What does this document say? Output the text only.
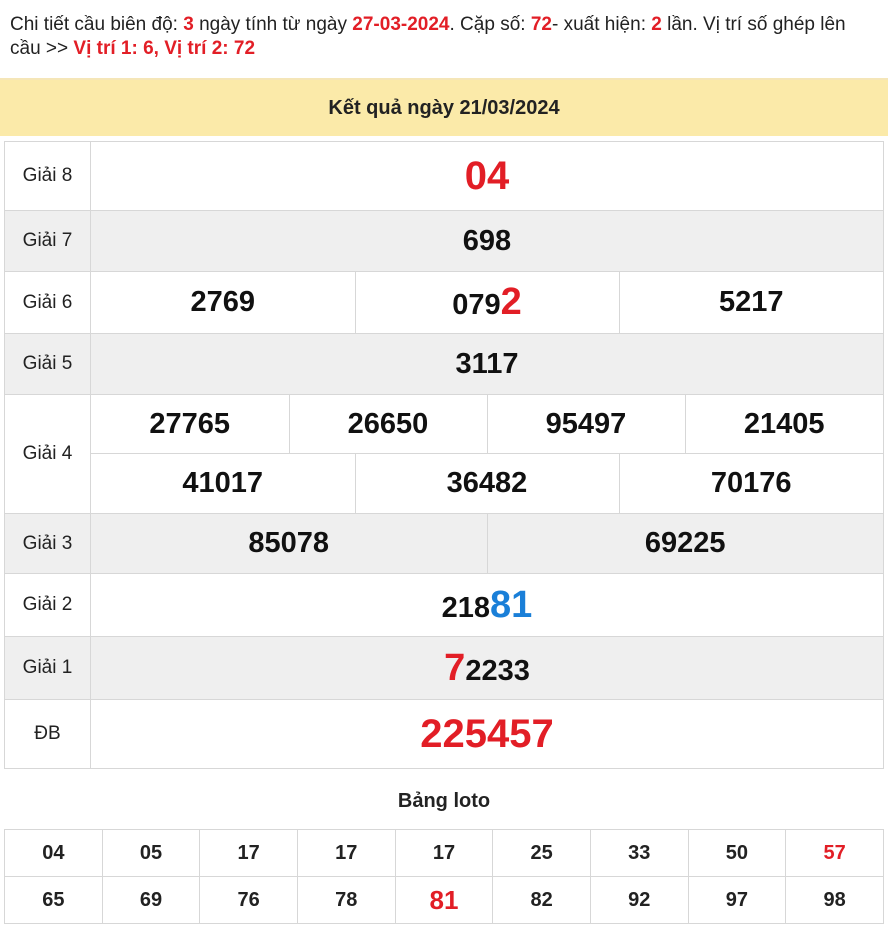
Chi tiết cầu biên độ: 3 ngày tính từ ngày 27-03-2024. Cặp số: 72- xuất hiện: 2 lần. Vị trí số ghép lên cầu >> Vị trí 1: 6, Vị trí 2: 72
Kết quả ngày 21/03/2024
Giải 8	04
Giải 7	698
Giải 6		2769	0792	5217

Giải 5	3117
Giải 4	
27765	26650	95497	21405
41017	36482	70176

Giải 3		85078	69225

Giải 2	21881
Giải 1	72233
ĐB	225457
Bảng loto
04	05	17	17	17	25	33	50	57
65	69	76	78	81	82	92	97	98
